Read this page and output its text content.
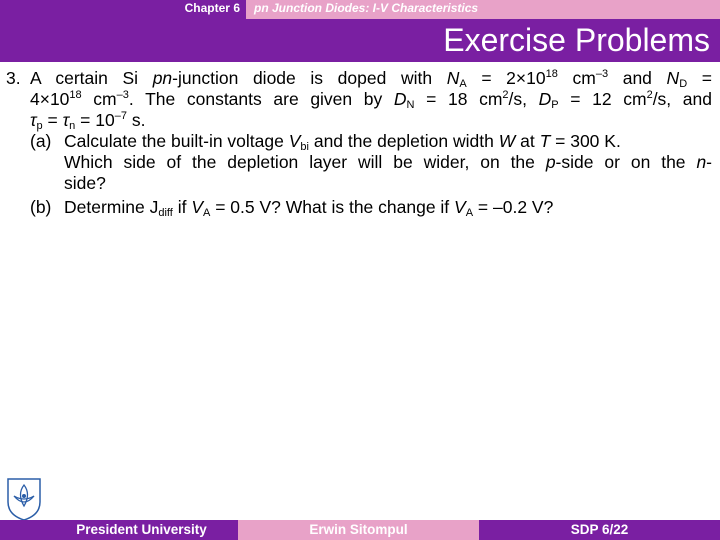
Chapter 6 pn Junction Diodes: I-V Characteristics
Exercise Problems
3. A certain Si pn-junction diode is doped with $N_A = 2\times 10^{18}$ $cm^{-3}$ and $N_D$ =
$4\times 10^{18}$ $cm^{-3}$. The constants are given by $D_N = 18$ $cm^2/s$, $D_P = 12$ $cm^2/s$, and
$\tau_p = \tau_n = 10^{-7}$ s.
(a) Calculate the built-in voltage $V_{bi}$ and the depletion width W at T = 300 K.
Which side of the depletion layer will be wider, on the p-side or on the n-
side?
(b) Determine $J_{diff}$ if $V_A = 0.5$ V? What is the change if $V_A = -0.2$ V?
President University	Erwin Sitompul	SDP 6/22
